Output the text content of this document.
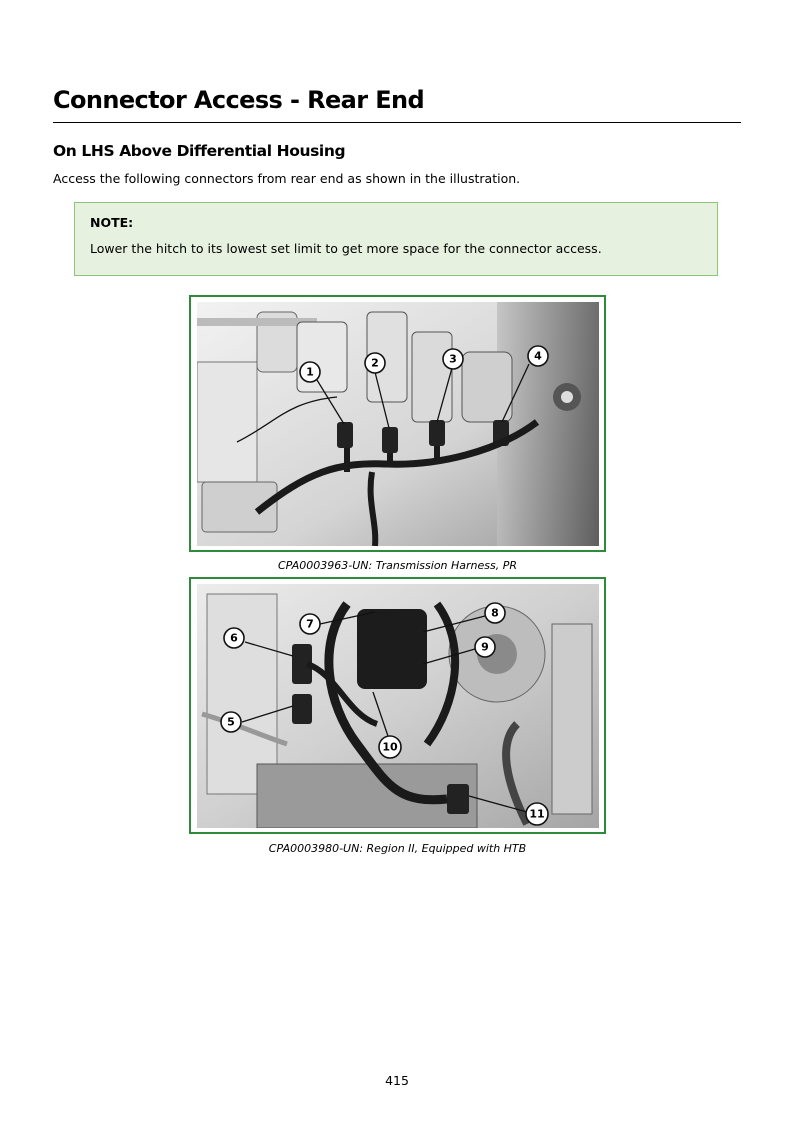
Connector Access - Rear End
On LHS Above Differential Housing

Access the following connectors from rear end as shown in the illustration.

NOTE:
Lower the hitch to its lowest set limit to get more space for the connector access.
1
2	3	4
CPA0003963-UN: Transmission Harness, PR
5
6
7
8
9
10
11
CPA0003980-UN: Region II, Equipped with HTB
415
